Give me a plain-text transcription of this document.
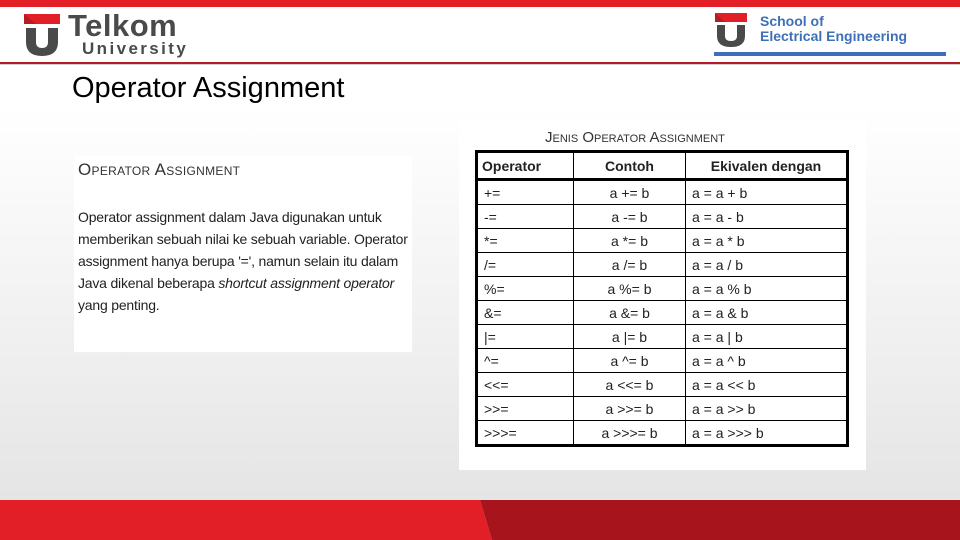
Telkom
University
School of
Electrical Engineering
Operator Assignment
Operator Assignment
Operator assignment dalam Java digunakan untuk memberikan sebuah nilai ke sebuah variable. Operator assignment hanya berupa '=', namun selain itu dalam Java dikenal beberapa shortcut assignment operator yang penting.
Jenis Operator Assignment
Operator	Contoh	Ekivalen dengan
+=	a += b	a = a + b
-=	a -= b	a = a - b
*=	a *= b	a = a * b
/=	a /= b	a = a / b
%=	a %= b	a = a % b
&=	a &= b	a = a & b
|=	a |= b	a = a | b
^=	a ^= b	a = a ^ b
<<=	a <<= b	a = a << b
>>=	a >>= b	a = a >> b
>>>=	a >>>= b	a = a >>> b
